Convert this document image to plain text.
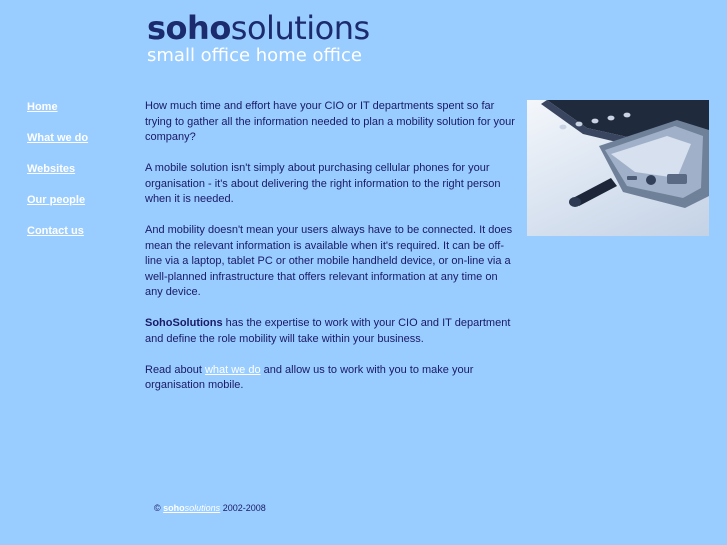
sohosolutions
small office home office
Home
What we do
Websites
Our people
Contact us

How much time and effort have your CIO or IT departments spent so far trying to gather all the information needed to plan a mobility solution for your company?

A mobile solution isn't simply about purchasing cellular phones for your organisation - it's about delivering the right information to the right person when it is needed.

And mobility doesn't mean your users always have to be connected. It does mean the relevant information is available when it's required. It can be off-line via a laptop, tablet PC or other mobile handheld device, or on-line via a well-planned infrastructure that offers relevant information at any time on any device.

SohoSolutions has the expertise to work with your CIO and IT department and define the role mobility will take within your business.

Read about what we do and allow us to work with you to make your organisation mobile.

© sohosolutions 2002-2008
